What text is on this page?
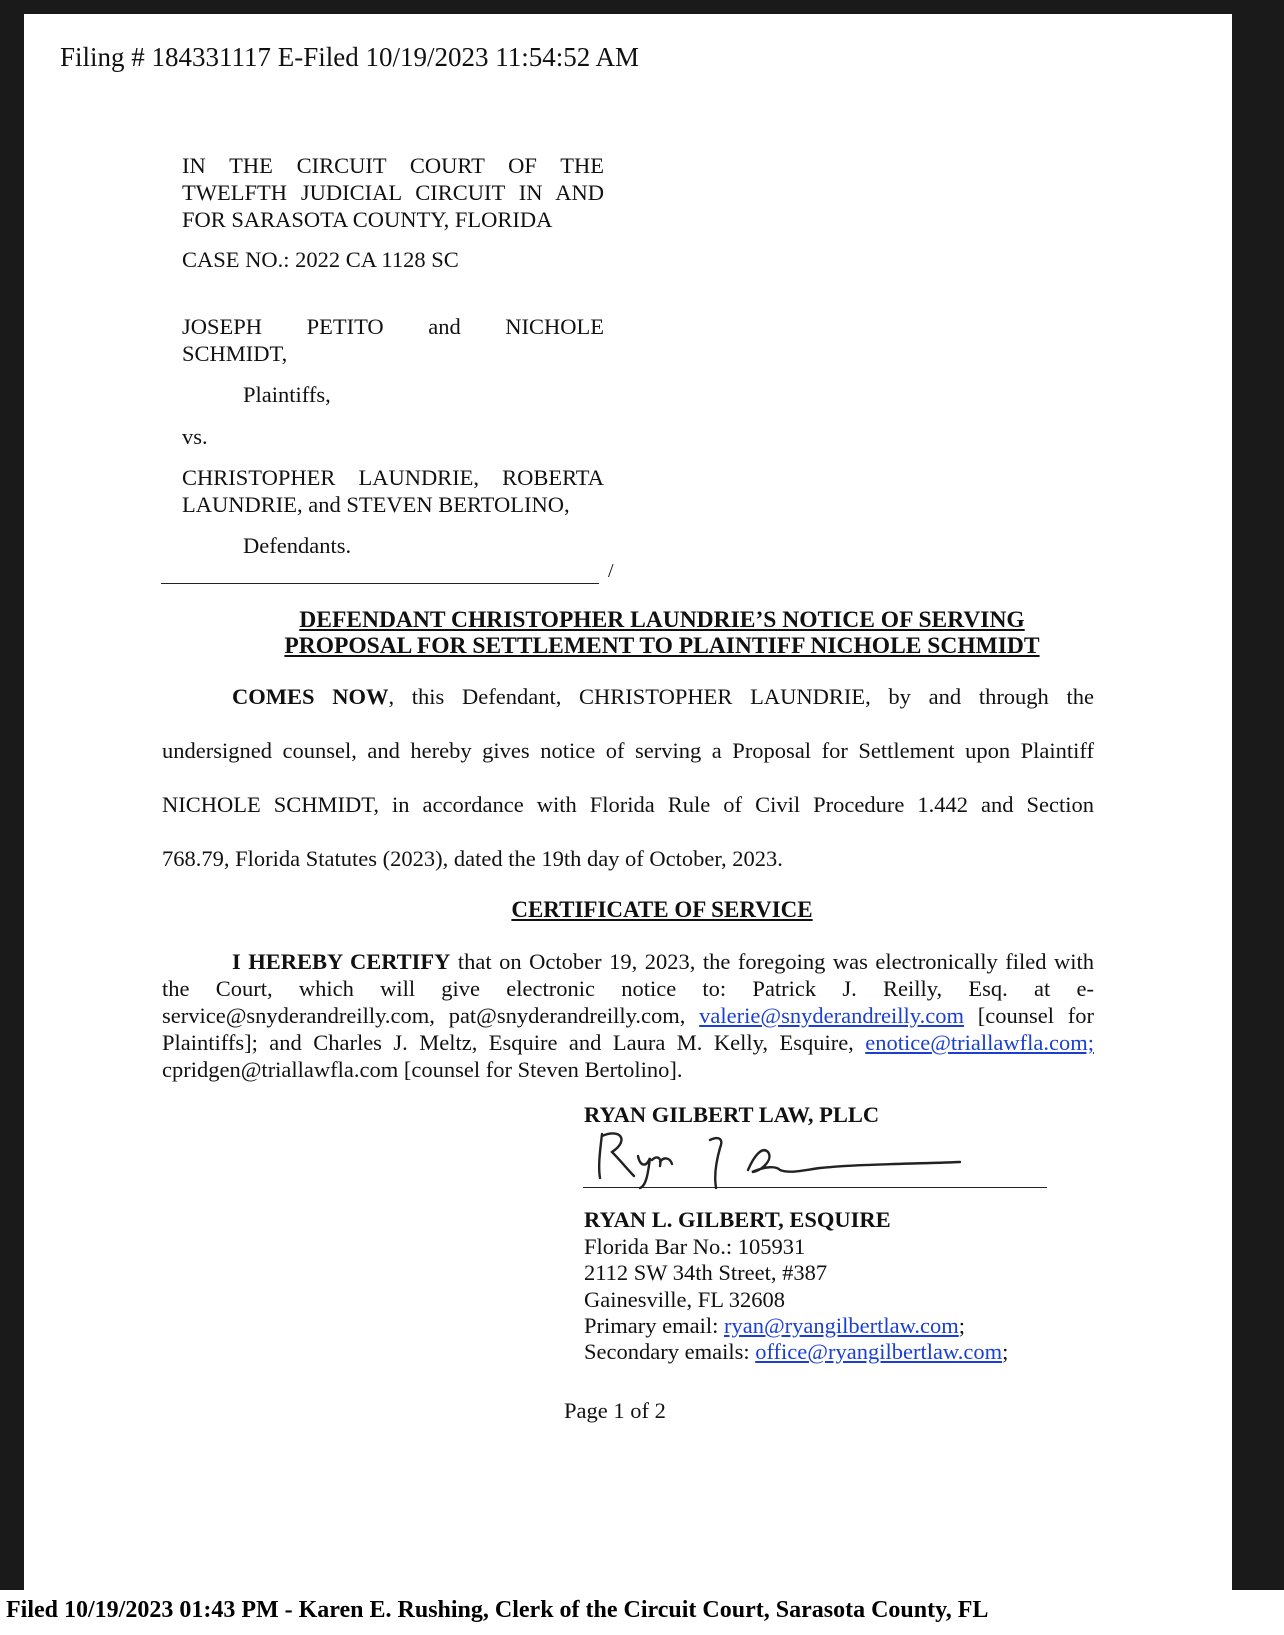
Filing # 184331117 E-Filed 10/19/2023 11:54:52 AM
IN THE CIRCUIT COURT OF THE
TWELFTH JUDICIAL CIRCUIT IN AND
FOR SARASOTA COUNTY, FLORIDA
CASE NO.: 2022 CA 1128 SC
JOSEPH PETITO and NICHOLE
SCHMIDT,
Plaintiffs,
vs.
CHRISTOPHER LAUNDRIE, ROBERTA
LAUNDRIE, and STEVEN BERTOLINO,
Defendants.
/
DEFENDANT CHRISTOPHER LAUNDRIE’S NOTICE OF SERVING
PROPOSAL FOR SETTLEMENT TO PLAINTIFF NICHOLE SCHMIDT
COMES NOW, this Defendant, CHRISTOPHER LAUNDRIE, by and through the
undersigned counsel, and hereby gives notice of serving a Proposal for Settlement upon Plaintiff
NICHOLE SCHMIDT, in accordance with Florida Rule of Civil Procedure 1.442 and Section
768.79, Florida Statutes (2023), dated the 19th day of October, 2023.
CERTIFICATE OF SERVICE
I HEREBY CERTIFY that on October 19, 2023, the foregoing was electronically filed with the Court, which will give electronic notice to: Patrick J. Reilly, Esq. at e-service@snyderandreilly.com, pat@snyderandreilly.com, valerie@snyderandreilly.com [counsel for Plaintiffs]; and Charles J. Meltz, Esquire and Laura M. Kelly, Esquire, enotice@triallawfla.com; cpridgen@triallawfla.com [counsel for Steven Bertolino].
RYAN GILBERT LAW, PLLC
RYAN L. GILBERT, ESQUIRE
Florida Bar No.: 105931
2112 SW 34th Street, #387
Gainesville, FL 32608
Primary email: ryan@ryangilbertlaw.com;
Secondary emails: office@ryangilbertlaw.com;
Page 1 of 2
Filed 10/19/2023 01:43 PM - Karen E. Rushing, Clerk of the Circuit Court, Sarasota County, FL
